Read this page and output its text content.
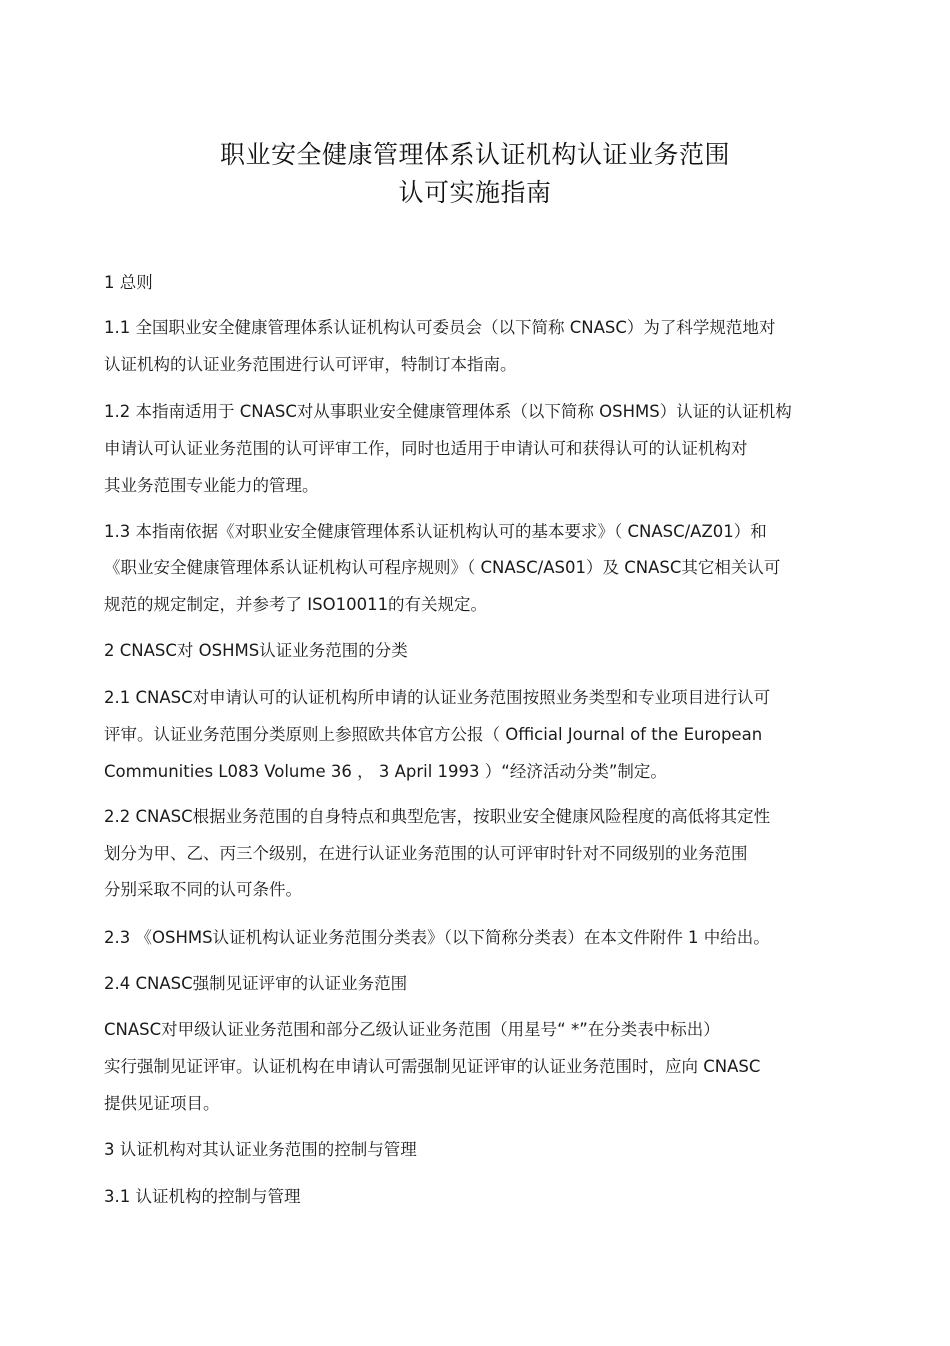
职业安全健康管理体系认证机构认证业务范围
认可实施指南
1 总则
1.1 全国职业安全健康管理体系认证机构认可委员会（以下简称 CNASC）为了科学规范地对
认证机构的认证业务范围进行认可评审，特制订本指南。
1.2 本指南适用于 CNASC对从事职业安全健康管理体系（以下简称 OSHMS）认证的认证机构
申请认可认证业务范围的认可评审工作，同时也适用于申请认可和获得认可的认证机构对
其业务范围专业能力的管理。
1.3 本指南依据《对职业安全健康管理体系认证机构认可的基本要求》（ CNASC/AZ01）和
《职业安全健康管理体系认证机构认可程序规则》（ CNASC/AS01）及 CNASC其它相关认可
规范的规定制定，并参考了 ISO10011的有关规定。
2 CNASC对 OSHMS认证业务范围的分类
2.1 CNASC对申请认可的认证机构所申请的认证业务范围按照业务类型和专业项目进行认可
评审。认证业务范围分类原则上参照欧共体官方公报（ Official Journal of the European
Communities L083 Volume 36 ， 3 April 1993 ）“经济活动分类”制定。
2.2 CNASC根据业务范围的自身特点和典型危害，按职业安全健康风险程度的高低将其定性
划分为甲、乙、丙三个级别，在进行认证业务范围的认可评审时针对不同级别的业务范围
分别采取不同的认可条件。
2.3 《OSHMS认证机构认证业务范围分类表》（以下简称分类表）在本文件附件 1 中给出。
2.4 CNASC强制见证评审的认证业务范围
CNASC对甲级认证业务范围和部分乙级认证业务范围（用星号“ *”在分类表中标出）
实行强制见证评审。认证机构在申请认可需强制见证评审的认证业务范围时，应向 CNASC
提供见证项目。
3 认证机构对其认证业务范围的控制与管理
3.1 认证机构的控制与管理
